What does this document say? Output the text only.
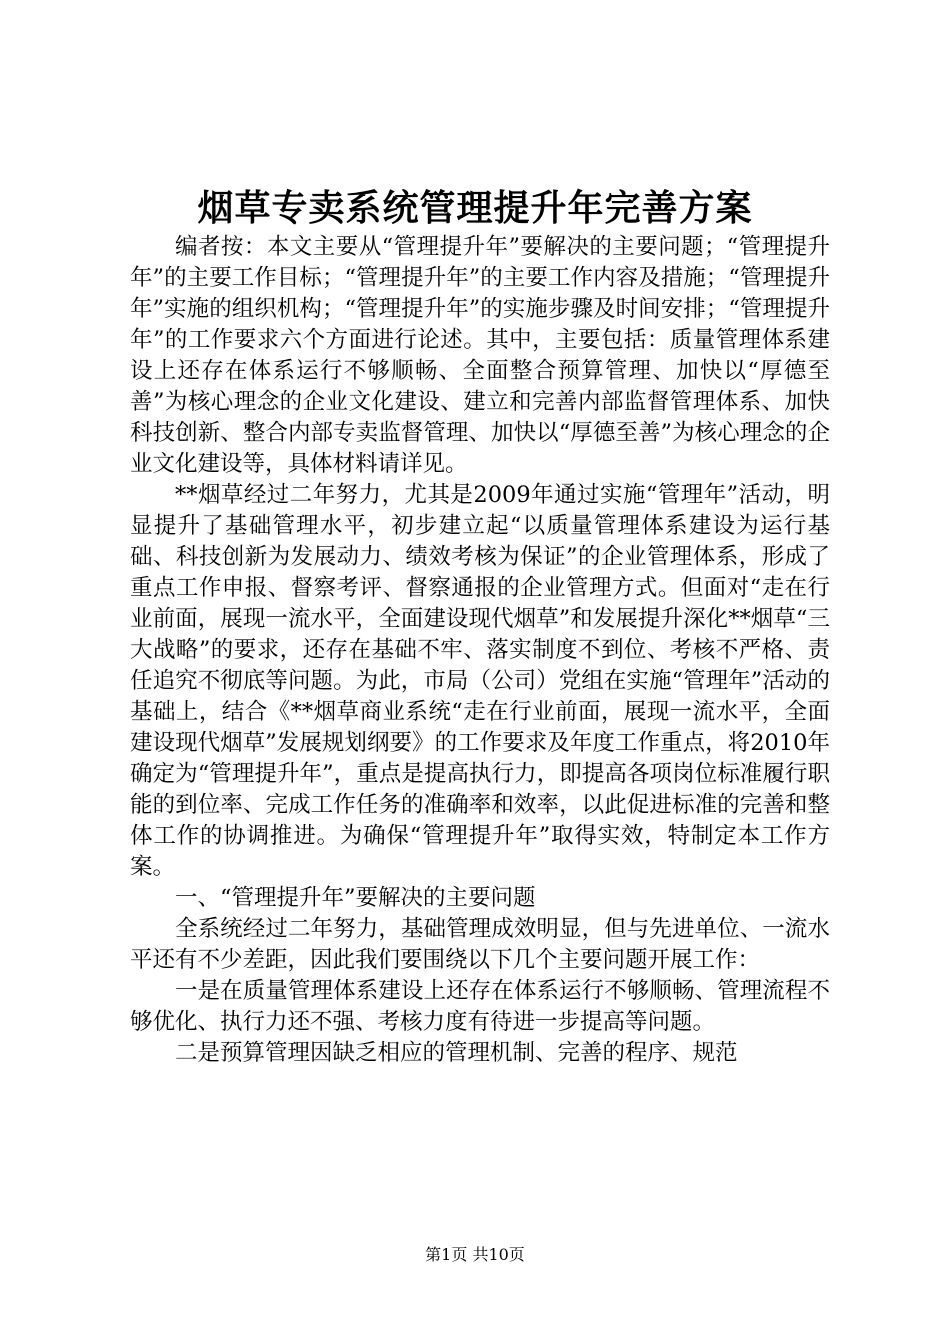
烟草专卖系统管理提升年完善方案

编者按：本文主要从“管理提升年”要解决的主要问题；“管理提升年”的主要工作目标；“管理提升年”的主要工作内容及措施；“管理提升年”实施的组织机构；“管理提升年”的实施步骤及时间安排；“管理提升年”的工作要求六个方面进行论述。其中，主要包括：质量管理体系建设上还存在体系运行不够顺畅、全面整合预算管理、加快以“厚德至善”为核心理念的企业文化建设、建立和完善内部监督管理体系、加快科技创新、整合内部专卖监督管理、加快以“厚德至善”为核心理念的企业文化建设等，具体材料请详见。

**烟草经过二年努力，尤其是2009年通过实施“管理年”活动，明显提升了基础管理水平，初步建立起“以质量管理体系建设为运行基础、科技创新为发展动力、绩效考核为保证”的企业管理体系，形成了重点工作申报、督察考评、督察通报的企业管理方式。但面对“走在行业前面，展现一流水平，全面建设现代烟草”和发展提升深化**烟草“三大战略”的要求，还存在基础不牢、落实制度不到位、考核不严格、责任追究不彻底等问题。为此，市局（公司）党组在实施“管理年”活动的基础上，结合《**烟草商业系统“走在行业前面，展现一流水平，全面建设现代烟草”发展规划纲要》的工作要求及年度工作重点，将2010年确定为“管理提升年”，重点是提高执行力，即提高各项岗位标准履行职能的到位率、完成工作任务的准确率和效率，以此促进标准的完善和整体工作的协调推进。为确保“管理提升年”取得实效，特制定本工作方案。

一、“管理提升年”要解决的主要问题

全系统经过二年努力，基础管理成效明显，但与先进单位、一流水平还有不少差距，因此我们要围绕以下几个主要问题开展工作：

一是在质量管理体系建设上还存在体系运行不够顺畅、管理流程不够优化、执行力还不强、考核力度有待进一步提高等问题。

二是预算管理因缺乏相应的管理机制、完善的程序、规范

第1页 共10页
